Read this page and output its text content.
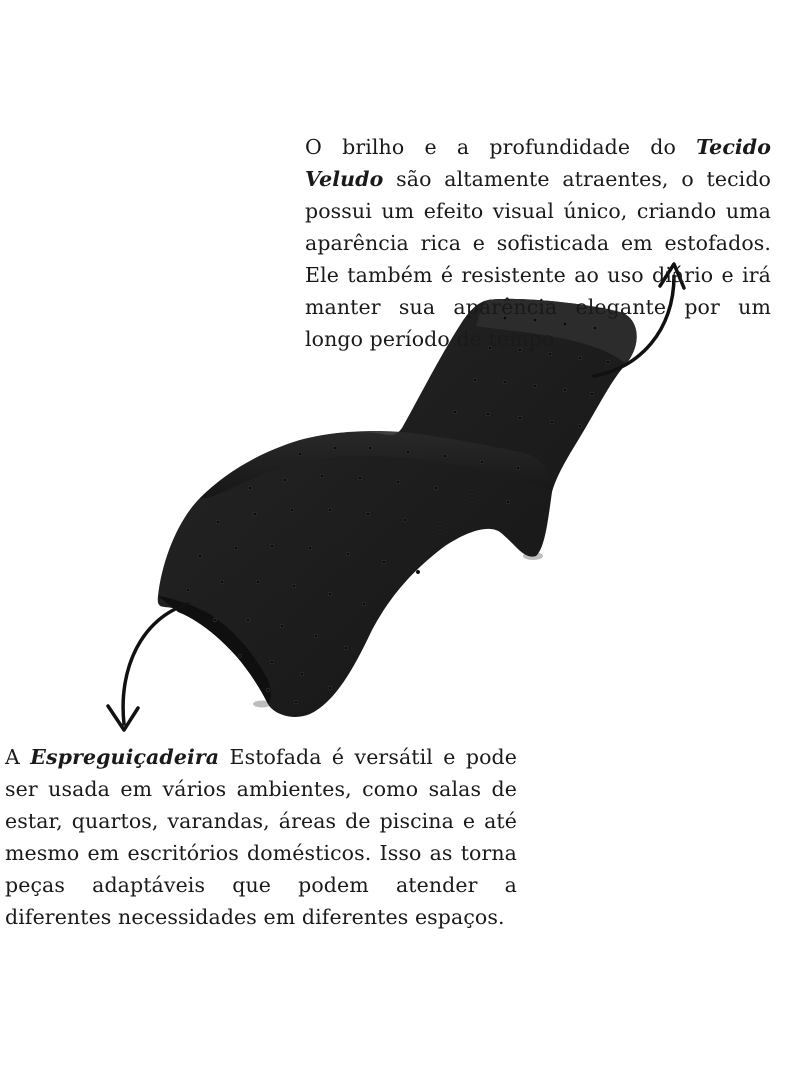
O brilho e a profundidade do Tecido Veludo são altamente atraentes, o tecido possui um efeito visual único, criando uma aparência rica e sofisticada em estofados. Ele também é resistente ao uso diário e irá manter sua aparência elegante por um longo período de tempo.
A Espreguiçadeira Estofada é versátil e pode ser usada em vários ambientes, como salas de estar, quartos, varandas, áreas de piscina e até mesmo em escritórios domésticos. Isso as torna peças adaptáveis que podem atender a diferentes necessidades em diferentes espaços.
